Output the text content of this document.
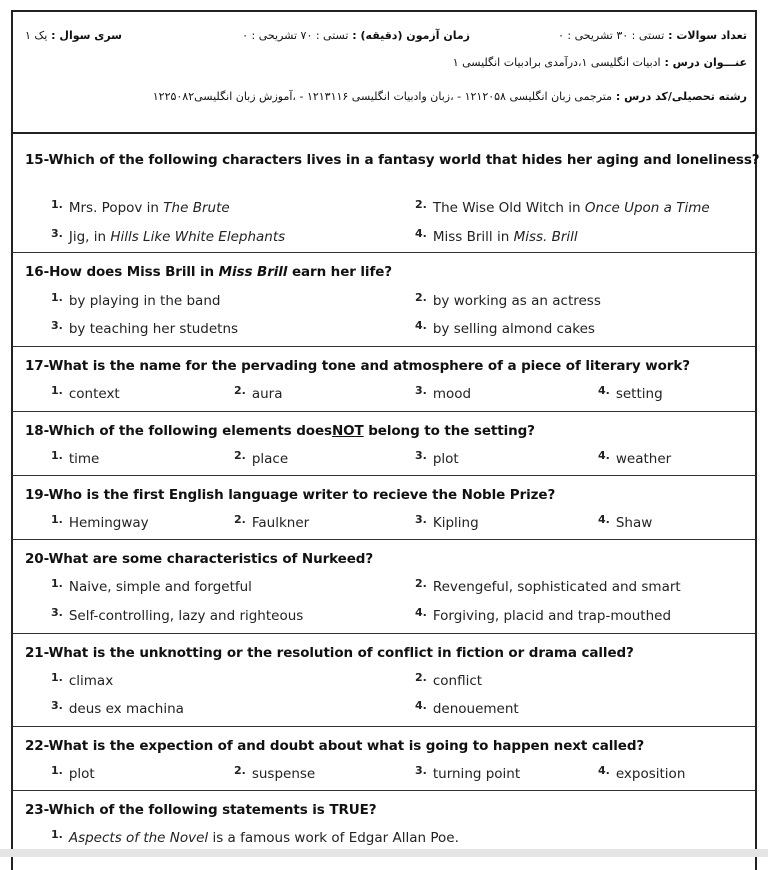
تعداد سوالات : تستی : ۳۰ تشریحی : ۰
زمان آزمون (دقیقه) : تستی : ۷۰ تشریحی : ۰
سری سوال : یک ۱
عنـــوان درس : ادبیات انگلیسی ۱،درآمدی برادبیات انگلیسی ۱
رشته تحصیلی/کد درس : مترجمی زبان انگلیسی ۱۲۱۲۰۵۸ - ،زبان وادبیات انگلیسی ۱۲۱۳۱۱۶ - ،آموزش زبان انگلیسی۱۲۲۵۰۸۲
15-Which of the following characters lives in a fantasy world that hides her aging and loneliness?
$^{1.}$ Mrs. Popov in The Brute	$^{2.}$ The Wise Old Witch in Once Upon a Time
$^{3.}$ Jig, in Hills Like White Elephants	$^{4.}$ Miss Brill in Miss. Brill
16-How does Miss Brill in Miss Brill earn her life?
$^{1.}$ by playing in the band	$^{2.}$ by working as an actress
$^{3.}$ by teaching her studetns	$^{4.}$ by selling almond cakes
17-What is the name for the pervading tone and atmosphere of a piece of literary work?
$^{1.}$ context	$^{2.}$ aura	$^{3.}$ mood	$^{4.}$ setting
18-Which of the following elements doesNOT belong to the setting?
$^{1.}$ time	$^{2.}$ place	$^{3.}$ plot	$^{4.}$ weather
19-Who is the first English language writer to recieve the Noble Prize?
$^{1.}$ Hemingway	$^{2.}$ Faulkner	$^{3.}$ Kipling	$^{4.}$ Shaw
20-What are some characteristics of Nurkeed?
$^{1.}$ Naive, simple and forgetful	$^{2.}$ Revengeful, sophisticated and smart
$^{3.}$ Self-controlling, lazy and righteous	$^{4.}$ Forgiving, placid and trap-mouthed
21-What is the unknotting or the resolution of conflict in fiction or drama called?
$^{1.}$ climax	$^{2.}$ conflict
$^{3.}$ deus ex machina	$^{4.}$ denouement
22-What is the expection of and doubt about what is going to happen next called?
$^{1.}$ plot	$^{2.}$ suspense	$^{3.}$ turning point	$^{4.}$ exposition
23-Which of the following statements is TRUE?
$^{1.}$ Aspects of the Novel is a famous work of Edgar Allan Poe.
